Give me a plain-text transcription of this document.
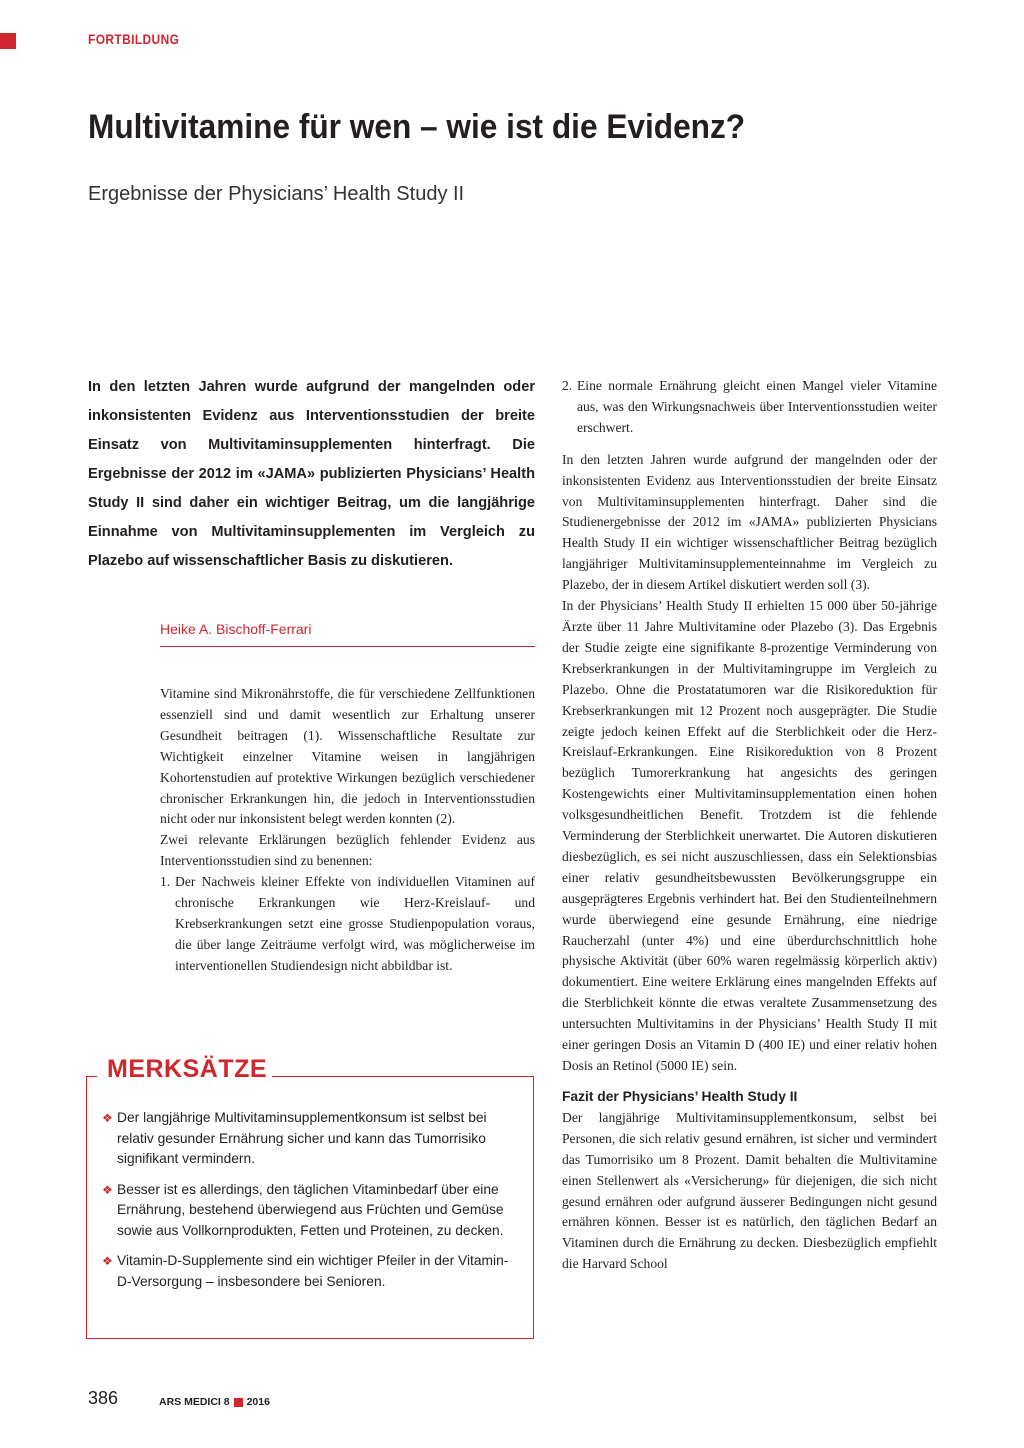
FORTBILDUNG

Multivitamine für wen – wie ist die Evidenz?

Ergebnisse der Physicians’ Health Study II

In den letzten Jahren wurde aufgrund der mangelnden oder inkonsistenten Evidenz aus Interventionsstudien der breite Einsatz von Multivitaminsupplementen hinterfragt. Die Ergebnisse der 2012 im «JAMA» publizierten Physicians’ Health Study II sind daher ein wichtiger Beitrag, um die langjährige Einnahme von Multivitaminsupplementen im Vergleich zu Plazebo auf wissenschaftlicher Basis zu diskutieren.

Heike A. Bischoff-Ferrari

Vitamine sind Mikronährstoffe, die für verschiedene Zellfunktionen essenziell sind und damit wesentlich zur Erhaltung unserer Gesundheit beitragen (1). Wissenschaftliche Resultate zur Wichtigkeit einzelner Vitamine weisen in langjährigen Kohortenstudien auf protektive Wirkungen bezüglich verschiedener chronischer Erkrankungen hin, die jedoch in Interventionsstudien nicht oder nur inkonsistent belegt werden konnten (2).

Zwei relevante Erklärungen bezüglich fehlender Evidenz aus Interventionsstudien sind zu benennen:

1. Der Nachweis kleiner Effekte von individuellen Vitaminen auf chronische Erkrankungen wie Herz-Kreislauf- und Krebserkrankungen setzt eine grosse Studienpopulation voraus, die über lange Zeiträume verfolgt wird, was möglicherweise im interventionellen Studiendesign nicht abbildbar ist.
MERKSÄTZE
❖ Der langjährige Multivitaminsupplementkonsum ist selbst bei relativ gesunder Ernährung sicher und kann das Tumorrisiko signifikant vermindern.
❖ Besser ist es allerdings, den täglichen Vitaminbedarf über eine Ernährung, bestehend überwiegend aus Früchten und Gemüse sowie aus Vollkornprodukten, Fetten und Proteinen, zu decken.
❖ Vitamin-D-Supplemente sind ein wichtiger Pfeiler in der Vitamin-D-Versorgung – insbesondere bei Senioren.
2. Eine normale Ernährung gleicht einen Mangel vieler Vitamine aus, was den Wirkungsnachweis über Interventionsstudien weiter erschwert.

In den letzten Jahren wurde aufgrund der mangelnden oder der inkonsistenten Evidenz aus Interventionsstudien der breite Einsatz von Multivitaminsupplementen hinterfragt. Daher sind die Studienergebnisse der 2012 im «JAMA» publizierten Physicians Health Study II ein wichtiger wissenschaftlicher Beitrag bezüglich langjähriger Multivitaminsupplementeinnahme im Vergleich zu Plazebo, der in diesem Artikel diskutiert werden soll (3).

In der Physicians’ Health Study II erhielten 15 000 über 50-jährige Ärzte über 11 Jahre Multivitamine oder Plazebo (3). Das Ergebnis der Studie zeigte eine signifikante 8-prozentige Verminderung von Krebserkrankungen in der Multivitamingruppe im Vergleich zu Plazebo. Ohne die Prostatatumoren war die Risikoreduktion für Krebserkrankungen mit 12 Prozent noch ausgeprägter. Die Studie zeigte jedoch keinen Effekt auf die Sterblichkeit oder die Herz-Kreislauf-Erkrankungen. Eine Risikoreduktion von 8 Prozent bezüglich Tumorerkrankung hat angesichts des geringen Kostengewichts einer Multivitaminsupplementation einen hohen volksgesundheitlichen Benefit. Trotzdem ist die fehlende Verminderung der Sterblichkeit unerwartet. Die Autoren diskutieren diesbezüglich, es sei nicht auszuschliessen, dass ein Selektionsbias einer relativ gesundheitsbewussten Bevölkerungsgruppe ein ausgeprägteres Ergebnis verhindert hat. Bei den Studienteilnehmern wurde überwiegend eine gesunde Ernährung, eine niedrige Raucherzahl (unter 4%) und eine überdurchschnittlich hohe physische Aktivität (über 60% waren regelmässig körperlich aktiv) dokumentiert. Eine weitere Erklärung eines mangelnden Effekts auf die Sterblichkeit könnte die etwas veraltete Zusammensetzung des untersuchten Multivitamins in der Physicians’ Health Study II mit einer geringen Dosis an Vitamin D (400 IE) und einer relativ hohen Dosis an Retinol (5000 IE) sein.

Fazit der Physicians’ Health Study II

Der langjährige Multivitaminsupplementkonsum, selbst bei Personen, die sich relativ gesund ernähren, ist sicher und vermindert das Tumorrisiko um 8 Prozent. Damit behalten die Multivitamine einen Stellenwert als «Versicherung» für diejenigen, die sich nicht gesund ernähren oder aufgrund äusserer Bedingungen nicht gesund ernähren können. Besser ist es natürlich, den täglichen Bedarf an Vitaminen durch die Ernährung zu decken. Diesbezüglich empfiehlt die Harvard School

386	ARS MEDICI 8 2016
